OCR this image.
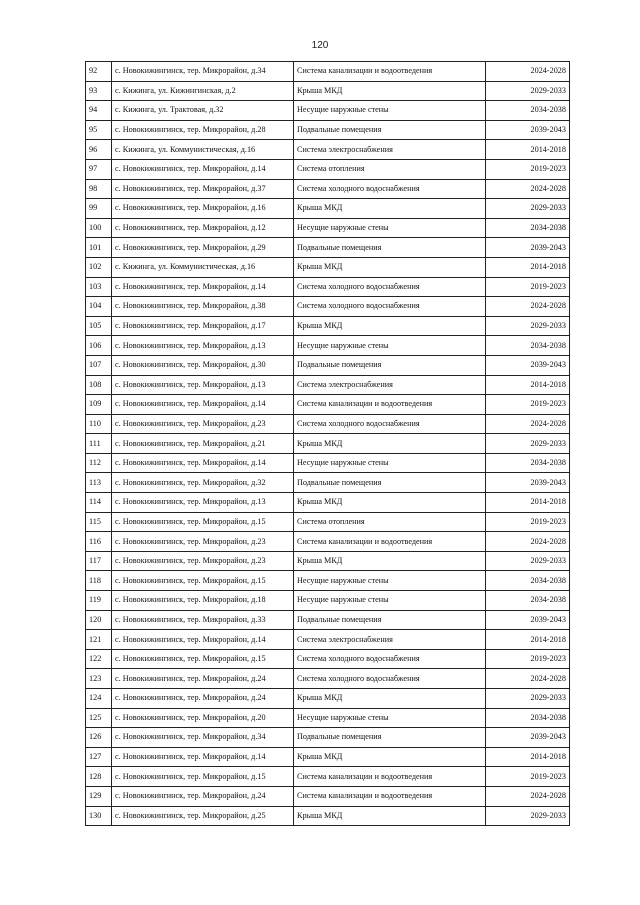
120
92	с. Новокижингинск, тер. Микрорайон, д.34	Система канализации и водоотведения	2024-2028
93	с. Кижинга, ул. Кижингинская, д.2	Крыша МКД	2029-2033
94	с. Кижинга, ул. Трактовая, д.32	Несущие наружные стены	2034-2038
95	с. Новокижингинск, тер. Микрорайон, д.28	Подвальные помещения	2039-2043
96	с. Кижинга, ул. Коммунистическая, д.16	Система электроснабжения	2014-2018
97	с. Новокижингинск, тер. Микрорайон, д.14	Система отопления	2019-2023
98	с. Новокижингинск, тер. Микрорайон, д.37	Система холодного водоснабжения	2024-2028
99	с. Новокижингинск, тер. Микрорайон, д.16	Крыша МКД	2029-2033
100	с. Новокижингинск, тер. Микрорайон, д.12	Несущие наружные стены	2034-2038
101	с. Новокижингинск, тер. Микрорайон, д.29	Подвальные помещения	2039-2043
102	с. Кижинга, ул. Коммунистическая, д.16	Крыша МКД	2014-2018
103	с. Новокижингинск, тер. Микрорайон, д.14	Система холодного водоснабжения	2019-2023
104	с. Новокижингинск, тер. Микрорайон, д.38	Система холодного водоснабжения	2024-2028
105	с. Новокижингинск, тер. Микрорайон, д.17	Крыша МКД	2029-2033
106	с. Новокижингинск, тер. Микрорайон, д.13	Несущие наружные стены	2034-2038
107	с. Новокижингинск, тер. Микрорайон, д.30	Подвальные помещения	2039-2043
108	с. Новокижингинск, тер. Микрорайон, д.13	Система электроснабжения	2014-2018
109	с. Новокижингинск, тер. Микрорайон, д.14	Система канализации и водоотведения	2019-2023
110	с. Новокижингинск, тер. Микрорайон, д.23	Система холодного водоснабжения	2024-2028
111	с. Новокижингинск, тер. Микрорайон, д.21	Крыша МКД	2029-2033
112	с. Новокижингинск, тер. Микрорайон, д.14	Несущие наружные стены	2034-2038
113	с. Новокижингинск, тер. Микрорайон, д.32	Подвальные помещения	2039-2043
114	с. Новокижингинск, тер. Микрорайон, д.13	Крыша МКД	2014-2018
115	с. Новокижингинск, тер. Микрорайон, д.15	Система отопления	2019-2023
116	с. Новокижингинск, тер. Микрорайон, д.23	Система канализации и водоотведения	2024-2028
117	с. Новокижингинск, тер. Микрорайон, д.23	Крыша МКД	2029-2033
118	с. Новокижингинск, тер. Микрорайон, д.15	Несущие наружные стены	2034-2038
119	с. Новокижингинск, тер. Микрорайон, д.18	Несущие наружные стены	2034-2038
120	с. Новокижингинск, тер. Микрорайон, д.33	Подвальные помещения	2039-2043
121	с. Новокижингинск, тер. Микрорайон, д.14	Система электроснабжения	2014-2018
122	с. Новокижингинск, тер. Микрорайон, д.15	Система холодного водоснабжения	2019-2023
123	с. Новокижингинск, тер. Микрорайон, д.24	Система холодного водоснабжения	2024-2028
124	с. Новокижингинск, тер. Микрорайон, д.24	Крыша МКД	2029-2033
125	с. Новокижингинск, тер. Микрорайон, д.20	Несущие наружные стены	2034-2038
126	с. Новокижингинск, тер. Микрорайон, д.34	Подвальные помещения	2039-2043
127	с. Новокижингинск, тер. Микрорайон, д.14	Крыша МКД	2014-2018
128	с. Новокижингинск, тер. Микрорайон, д.15	Система канализации и водоотведения	2019-2023
129	с. Новокижингинск, тер. Микрорайон, д.24	Система канализации и водоотведения	2024-2028
130	с. Новокижингинск, тер. Микрорайон, д.25	Крыша МКД	2029-2033
